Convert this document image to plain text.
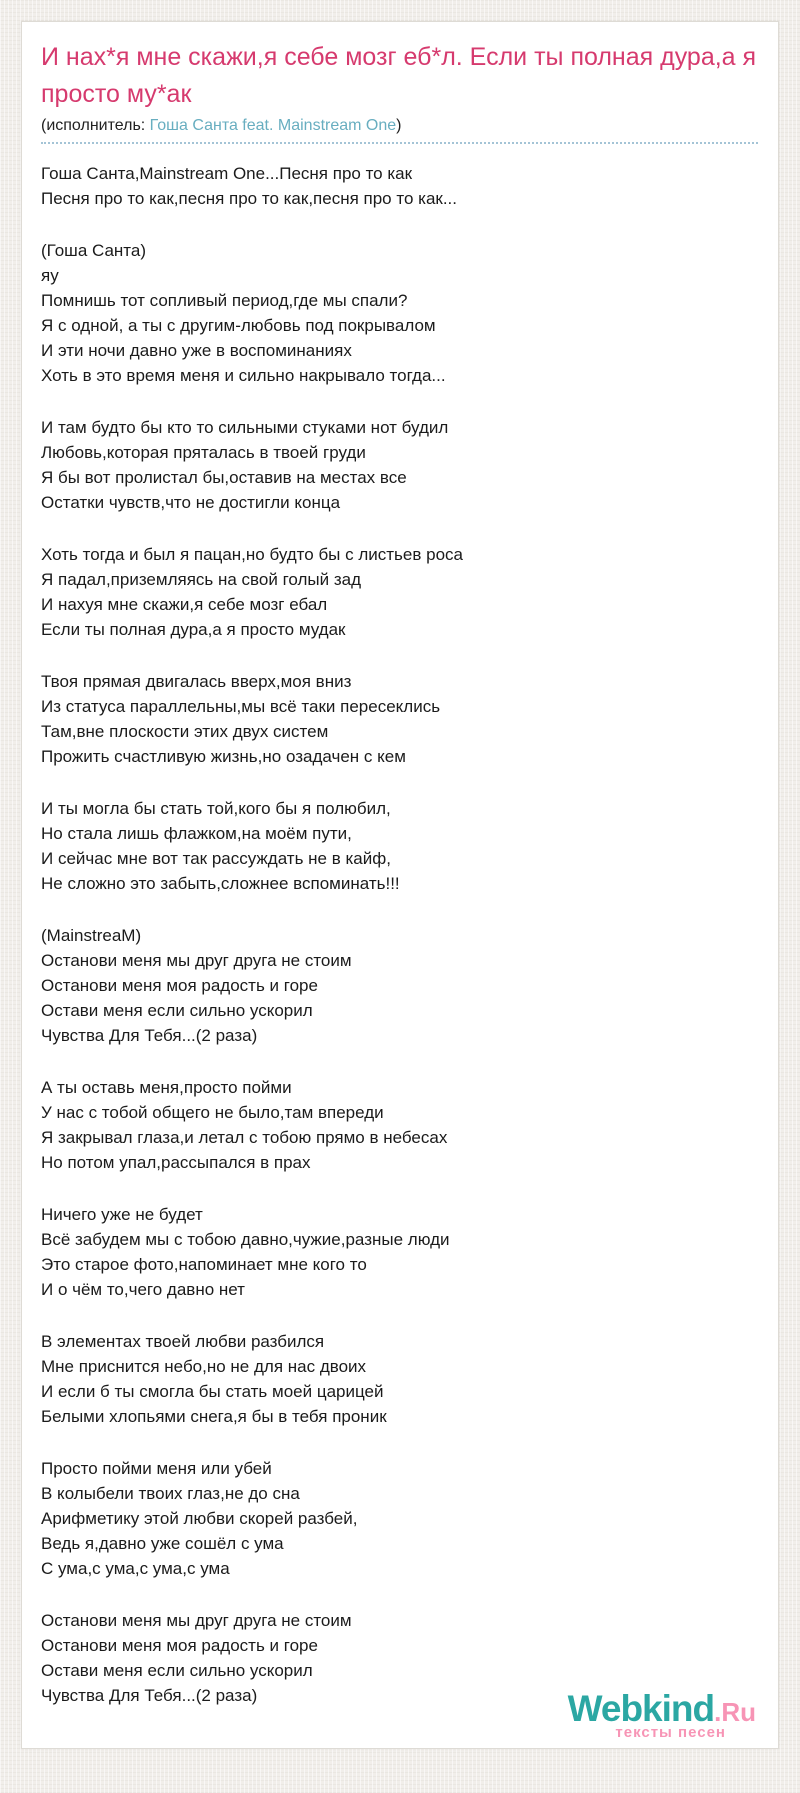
И нах*я мне скажи,я себе мозг еб*л. Если ты полная дура,а я просто му*ак
(исполнитель: Гоша Санта feat. Mainstream One)
Гоша Санта,Mainstream One...Песня про то как
Песня про то как,песня про то как,песня про то как...
(Гоша Санта)
яу
Помнишь тот сопливый период,где мы спали?
Я с одной, а ты с другим-любовь под покрывалом
И эти ночи давно уже в воспоминаниях
Хоть в это время меня и сильно накрывало тогда...
И там будто бы кто то сильными стуками нот будил
Любовь,которая пряталась в твоей груди
Я бы вот пролистал бы,оставив на местах все
Остатки чувств,что не достигли конца
Хоть тогда и был я пацан,но будто бы с листьев роса
Я падал,приземляясь на свой голый зад
И нахуя мне скажи,я себе мозг ебал
Если ты полная дура,а я просто мудак
Твоя прямая двигалась вверх,моя вниз
Из статуса параллельны,мы всё таки пересеклись
Там,вне плоскости этих двух систем
Прожить счастливую жизнь,но озадачен с кем
И ты могла бы стать той,кого бы я полюбил,
Но стала лишь флажком,на моём пути,
И сейчас мне вот так рассуждать не в кайф,
Не сложно это забыть,сложнее вспоминать!!!
(MainstreaM)
Останови меня мы друг друга не стоим
Останови меня моя радость и горе
Остави меня если сильно ускорил
Чувства Для Тебя...(2 раза)
А ты оставь меня,просто пойми
У нас с тобой общего не было,там впереди
Я закрывал глаза,и летал с тобою прямо в небесах
Но потом упал,рассыпался в прах
Ничего уже не будет
Всё забудем мы с тобою давно,чужие,разные люди
Это старое фото,напоминает мне кого то
И о чём то,чего давно нет
В элементах твоей любви разбился
Мне приснится небо,но не для нас двоих
И если б ты смогла бы стать моей царицей
Белыми хлопьями снега,я бы в тебя проник
Просто пойми меня или убей
В колыбели твоих глаз,не до сна
Арифметику этой любви скорей разбей,
Ведь я,давно уже сошёл с ума
С ума,с ума,с ума,с ума
Останови меня мы друг друга не стоим
Останови меня моя радость и горе
Остави меня если сильно ускорил
Чувства Для Тебя...(2 раза)	Webkind.Ru
тексты песен
